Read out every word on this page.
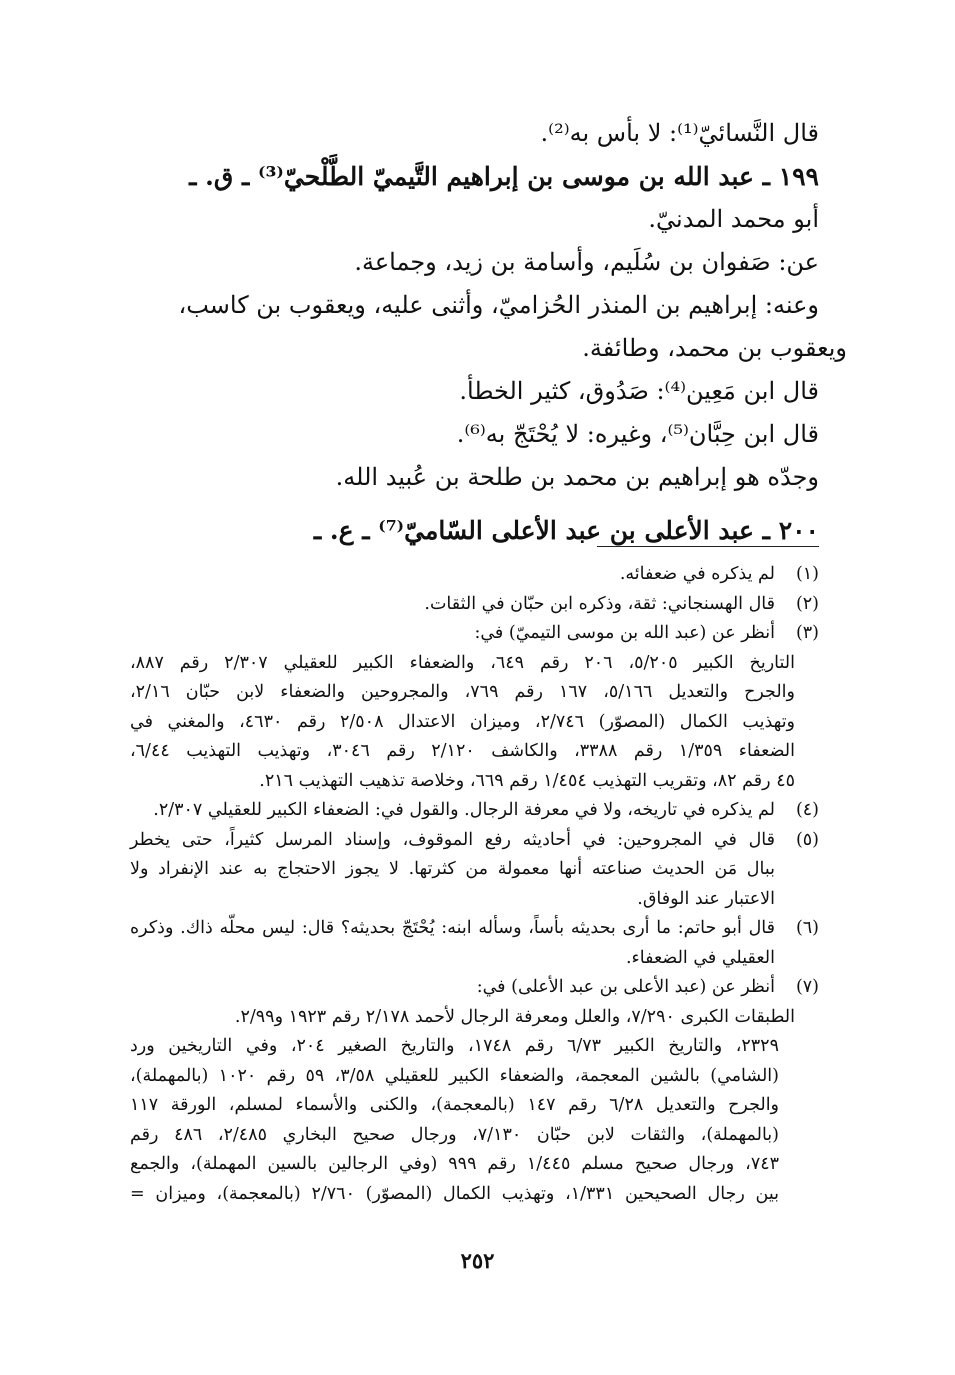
قال النَّسائيّ⁽¹⁾: لا بأس به⁽²⁾.
١٩٩ ـ عبد الله بن موسى بن إبراهيم التَّيميّ الطَّلْحيّ⁽³⁾ ـ ق. ـ
أبو محمد المدنيّ.
عن: صَفوان بن سُلَيم، وأسامة بن زيد، وجماعة.
وعنه: إبراهيم بن المنذر الحُزاميّ، وأثنى عليه، ويعقوب بن كاسب،
ويعقوب بن محمد، وطائفة.
قال ابن مَعِين⁽⁴⁾: صَدُوق، كثير الخطأ.
قال ابن حِبَّان⁽⁵⁾، وغيره: لا يُحْتَجّ به⁽⁶⁾.
وجدّه هو إبراهيم بن محمد بن طلحة بن عُبيد الله.
٢٠٠ ـ عبد الأعلى بن عبد الأعلى السّاميّ⁽⁷⁾ ـ ع. ـ
(١)
لم يذكره في ضعفائه.
(٢)
قال الهسنجاني: ثقة، وذكره ابن حبّان في الثقات.
(٣)
أنظر عن (عبد الله بن موسى التيميّ) في:
التاريخ الكبير ٥/٢٠٥، ٢٠٦ رقم ٦٤٩، والضعفاء الكبير للعقيلي ٢/٣٠٧ رقم ٨٨٧،
والجرح والتعديل ٥/١٦٦، ١٦٧ رقم ٧٦٩، والمجروحين والضعفاء لابن حبّان ٢/١٦،
وتهذيب الكمال (المصوّر) ٢/٧٤٦، وميزان الاعتدال ٢/٥٠٨ رقم ٤٦٣٠، والمغني في
الضعفاء ١/٣٥٩ رقم ٣٣٨٨، والكاشف ٢/١٢٠ رقم ٣٠٤٦، وتهذيب التهذيب ٦/٤٤،
٤٥ رقم ٨٢، وتقريب التهذيب ١/٤٥٤ رقم ٦٦٩، وخلاصة تذهيب التهذيب ٢١٦.
(٤)
لم يذكره في تاريخه، ولا في معرفة الرجال. والقول في: الضعفاء الكبير للعقيلي ٢/٣٠٧.
(٥)
قال في المجروحين: في أحاديثه رفع الموقوف، وإسناد المرسل كثيراً، حتى يخطر
ببال مَن الحديث صناعته أنها معمولة من كثرتها. لا يجوز الاحتجاج به عند الإنفراد ولا
الاعتبار عند الوفاق.
(٦)
قال أبو حاتم: ما أرى بحديثه بأساً، وسأله ابنه: يُحْتَجّ بحديثه؟ قال: ليس محلّه ذاك. وذكره
العقيلي في الضعفاء.
(٧)
أنظر عن (عبد الأعلى بن عبد الأعلى) في:
الطبقات الكبرى ٧/٢٩٠، والعلل ومعرفة الرجال لأحمد ٢/١٧٨ رقم ١٩٢٣ و٢/٩٩.
٢٣٢٩، والتاريخ الكبير ٦/٧٣ رقم ١٧٤٨، والتاريخ الصغير ٢٠٤، وفي التاريخين ورد
(الشامي) بالشين المعجمة، والضعفاء الكبير للعقيلي ٣/٥٨، ٥٩ رقم ١٠٢٠ (بالمهملة)،
والجرح والتعديل ٦/٢٨ رقم ١٤٧ (بالمعجمة)، والكنى والأسماء لمسلم، الورقة ١١٧
(بالمهملة)، والثقات لابن حبّان ٧/١٣٠، ورجال صحيح البخاري ٢/٤٨٥، ٤٨٦ رقم
٧٤٣، ورجال صحيح مسلم ١/٤٤٥ رقم ٩٩٩ (وفي الرجالين بالسين المهملة)، والجمع
بين رجال الصحيحين ١/٣٣١، وتهذيب الكمال (المصوّر) ٢/٧٦٠ (بالمعجمة)، وميزان =
٢٥٢
